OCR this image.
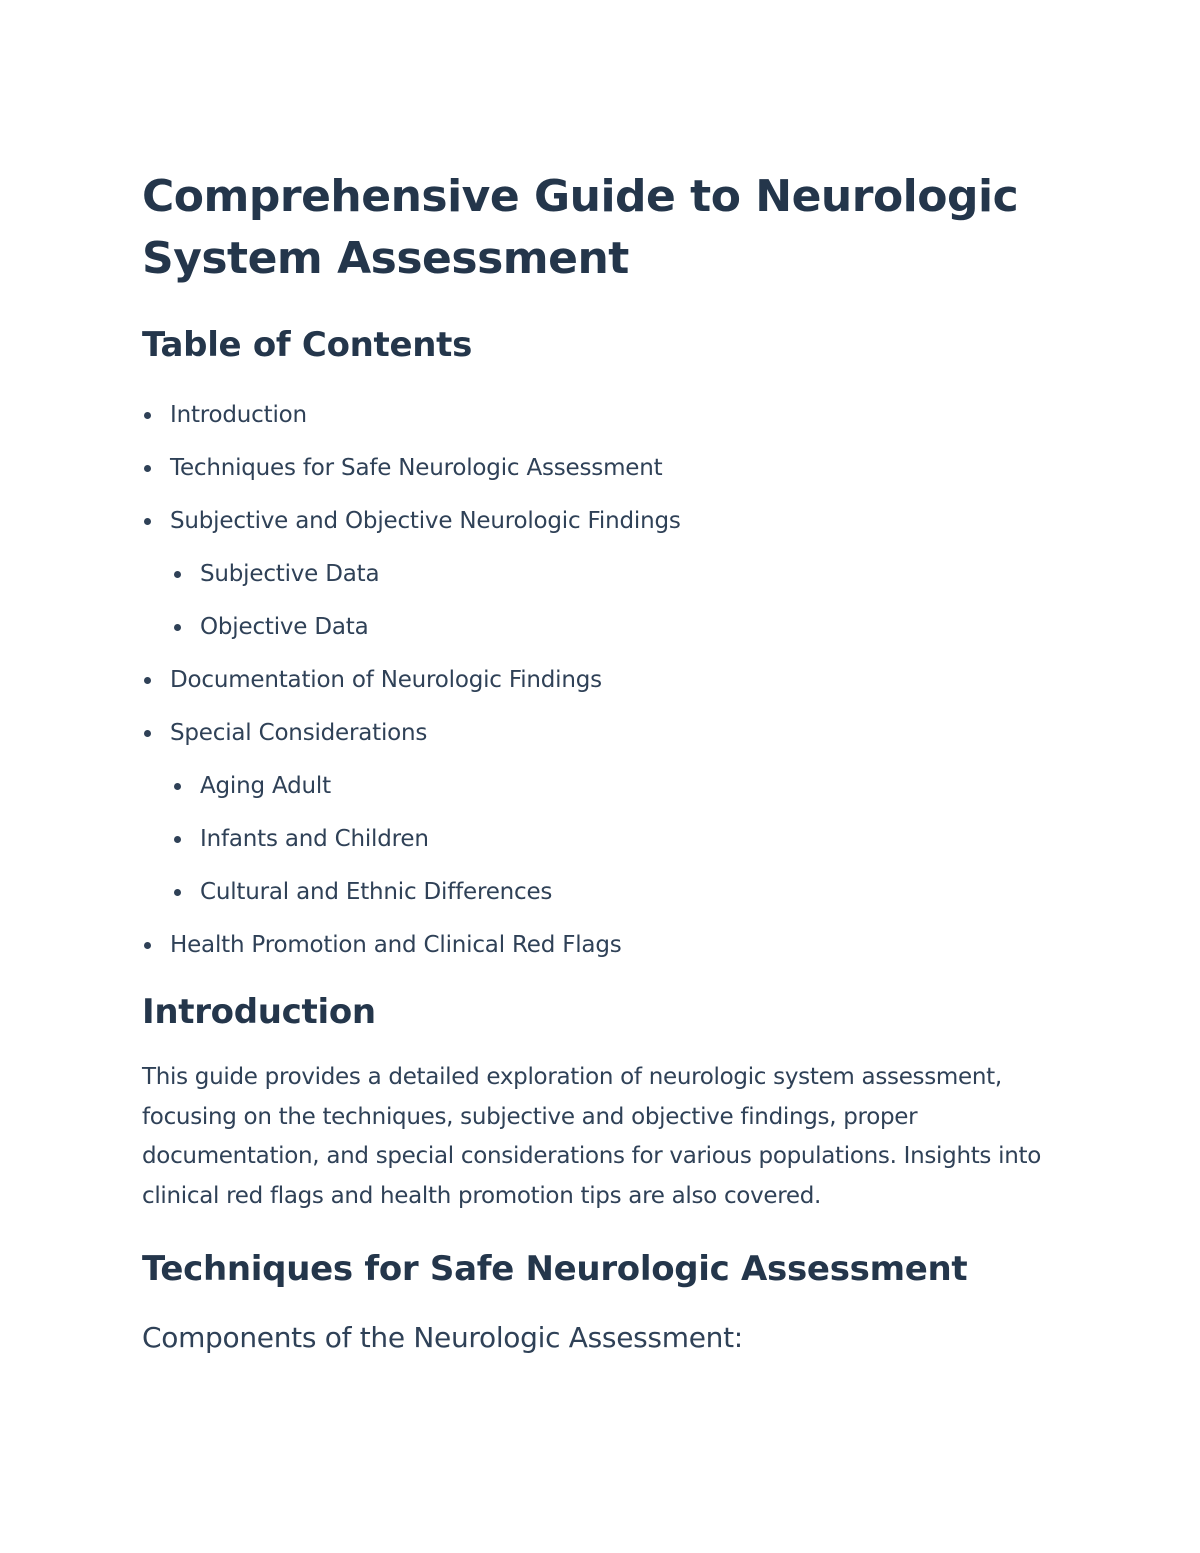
Comprehensive Guide to Neurologic System Assessment
Table of Contents
Introduction
Techniques for Safe Neurologic Assessment
Subjective and Objective Neurologic Findings
Subjective Data
Objective Data
Documentation of Neurologic Findings
Special Considerations
Aging Adult
Infants and Children
Cultural and Ethnic Differences
Health Promotion and Clinical Red Flags
Introduction

This guide provides a detailed exploration of neurologic system assessment, focusing on the techniques, subjective and objective findings, proper documentation, and special considerations for various populations. Insights into clinical red flags and health promotion tips are also covered.

Techniques for Safe Neurologic Assessment
Components of the Neurologic Assessment:
